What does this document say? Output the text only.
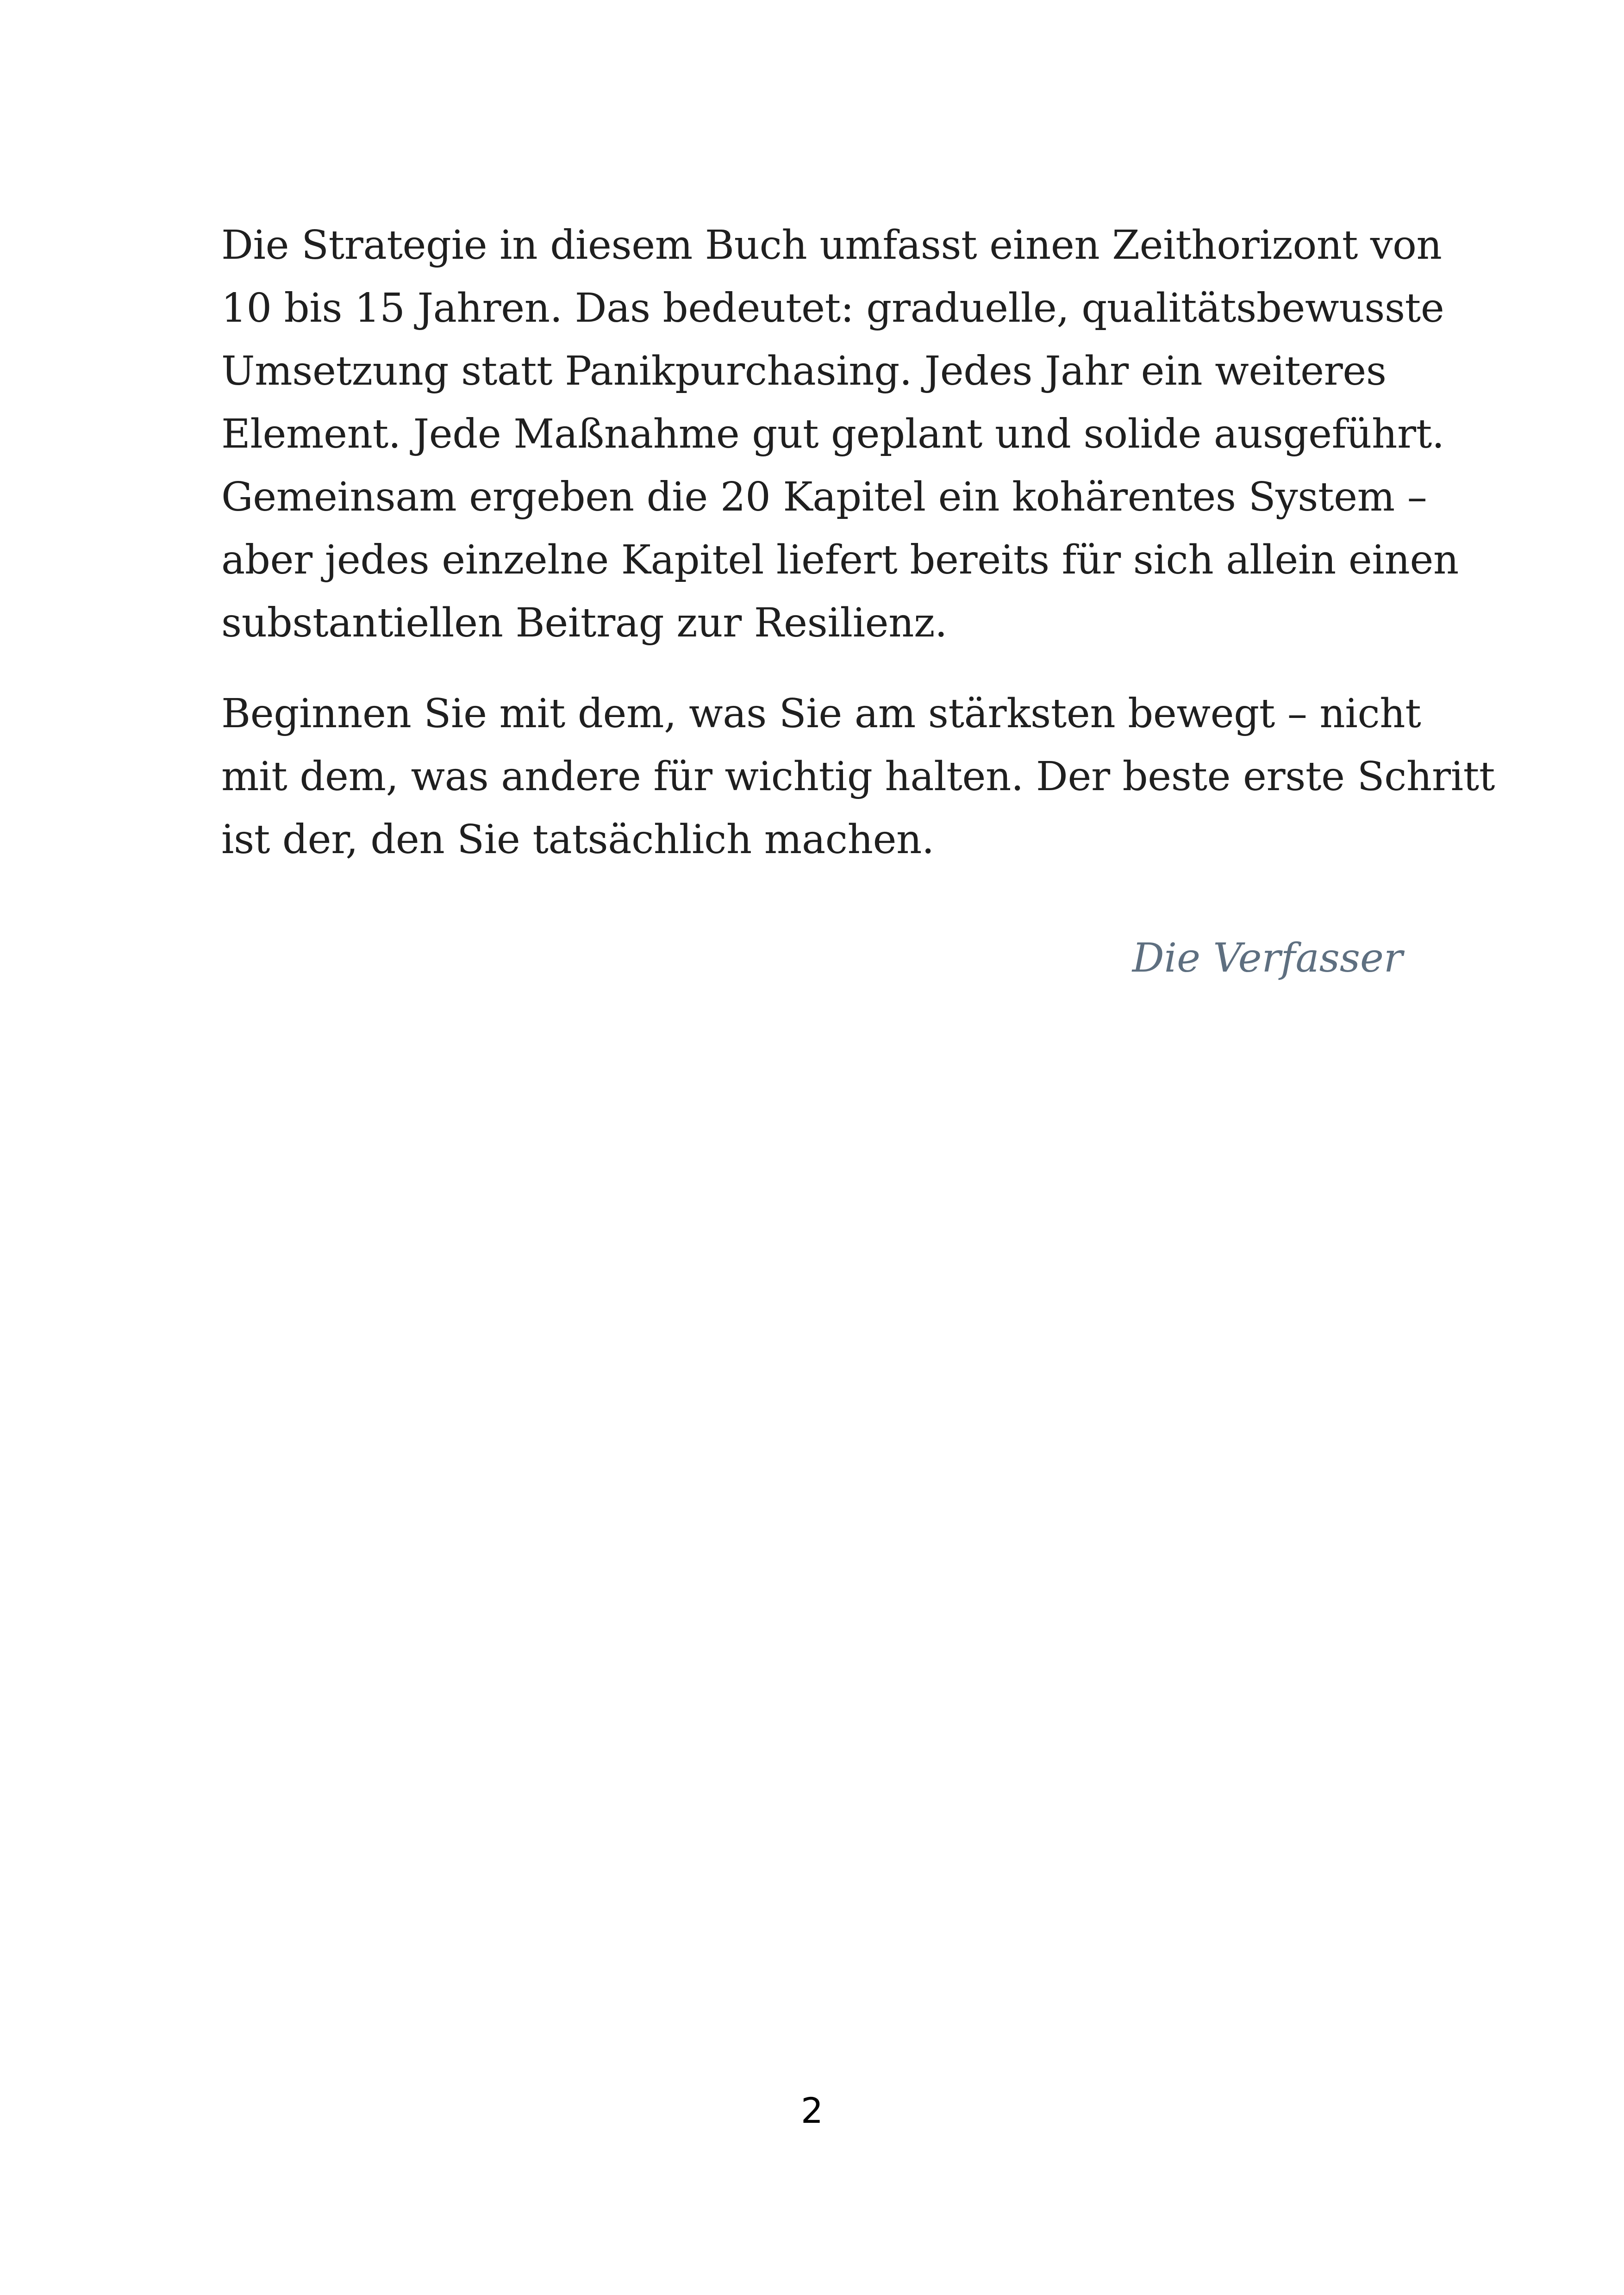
Die Strategie in diesem Buch umfasst einen Zeithorizont von
10 bis 15 Jahren. Das bedeutet: graduelle, qualitätsbewusste
Umsetzung statt Panikpurchasing. Jedes Jahr ein weiteres
Element. Jede Maßnahme gut geplant und solide ausgeführt.
Gemeinsam ergeben die 20 Kapitel ein kohärentes System –
aber jedes einzelne Kapitel liefert bereits für sich allein einen
substantiellen Beitrag zur Resilienz.
Beginnen Sie mit dem, was Sie am stärksten bewegt – nicht
mit dem, was andere für wichtig halten. Der beste erste Schritt
ist der, den Sie tatsächlich machen.
Die Verfasser
2
